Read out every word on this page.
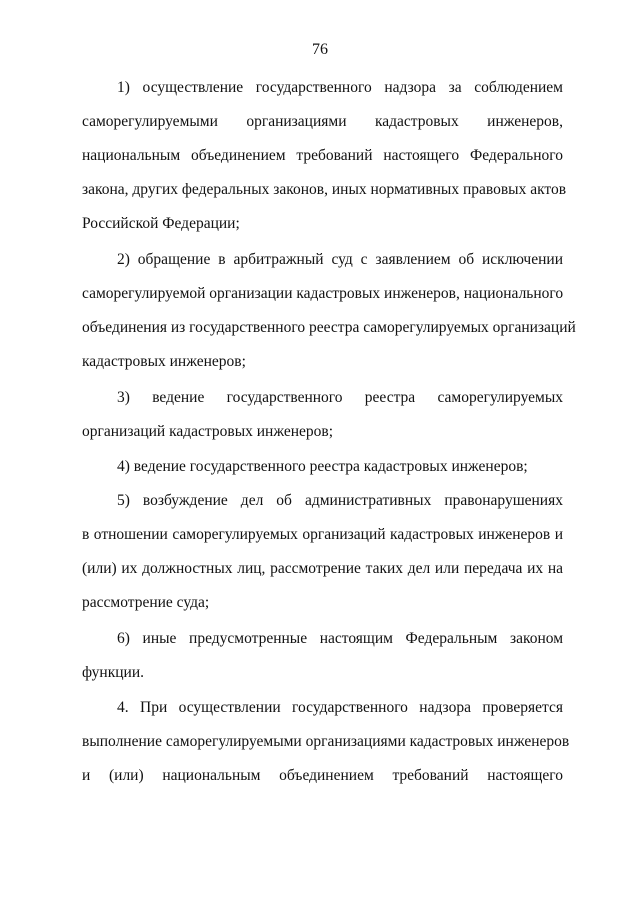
76
1) осуществление государственного надзора за соблюдением
саморегулируемыми организациями кадастровых инженеров,
национальным объединением требований настоящего Федерального
закона, других федеральных законов, иных нормативных правовых актов
Российской Федерации;
2) обращение в арбитражный суд с заявлением об исключении
саморегулируемой организации кадастровых инженеров, национального
объединения из государственного реестра саморегулируемых организаций
кадастровых инженеров;
3) ведение государственного реестра саморегулируемых
организаций кадастровых инженеров;
4) ведение государственного реестра кадастровых инженеров;
5) возбуждение дел об административных правонарушениях
в отношении саморегулируемых организаций кадастровых инженеров и
(или) их должностных лиц, рассмотрение таких дел или передача их на
рассмотрение суда;
6) иные предусмотренные настоящим Федеральным законом
функции.
4. При осуществлении государственного надзора проверяется
выполнение саморегулируемыми организациями кадастровых инженеров
и (или) национальным объединением требований настоящего
